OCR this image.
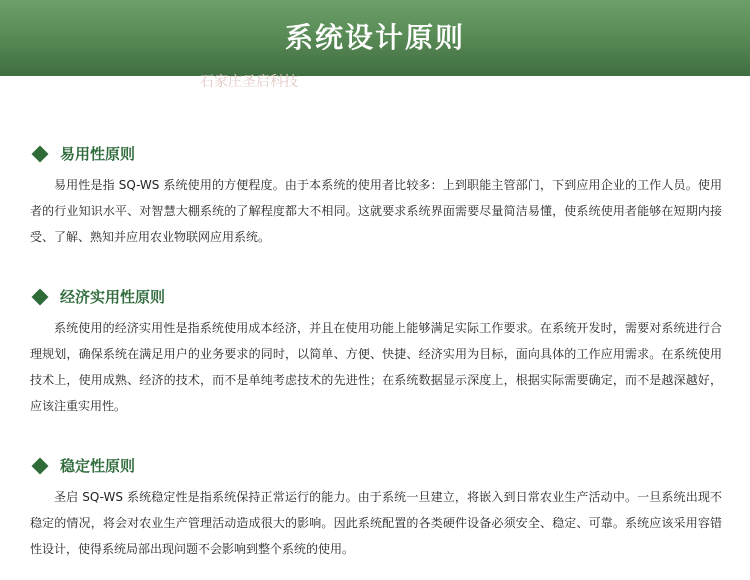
系统设计原则
石家庄圣启科技
易用性原则

易用性是指 SQ-WS 系统使用的方便程度。由于本系统的使用者比较多：上到职能主管部门，下到应用企业的工作人员。使用者的行业知识水平、对智慧大棚系统的了解程度都大不相同。这就要求系统界面需要尽量简洁易懂，使系统使用者能够在短期内接受、了解、熟知并应用农业物联网应用系统。

经济实用性原则

系统使用的经济实用性是指系统使用成本经济，并且在使用功能上能够满足实际工作要求。在系统开发时，需要对系统进行合理规划，确保系统在满足用户的业务要求的同时，以简单、方便、快捷、经济实用为目标，面向具体的工作应用需求。在系统使用技术上，使用成熟、经济的技术，而不是单纯考虑技术的先进性；在系统数据显示深度上，根据实际需要确定，而不是越深越好，应该注重实用性。

稳定性原则

圣启 SQ-WS 系统稳定性是指系统保持正常运行的能力。由于系统一旦建立，将嵌入到日常农业生产活动中。一旦系统出现不稳定的情况，将会对农业生产管理活动造成很大的影响。因此系统配置的各类硬件设备必须安全、稳定、可靠。系统应该采用容错性设计，使得系统局部出现问题不会影响到整个系统的使用。
